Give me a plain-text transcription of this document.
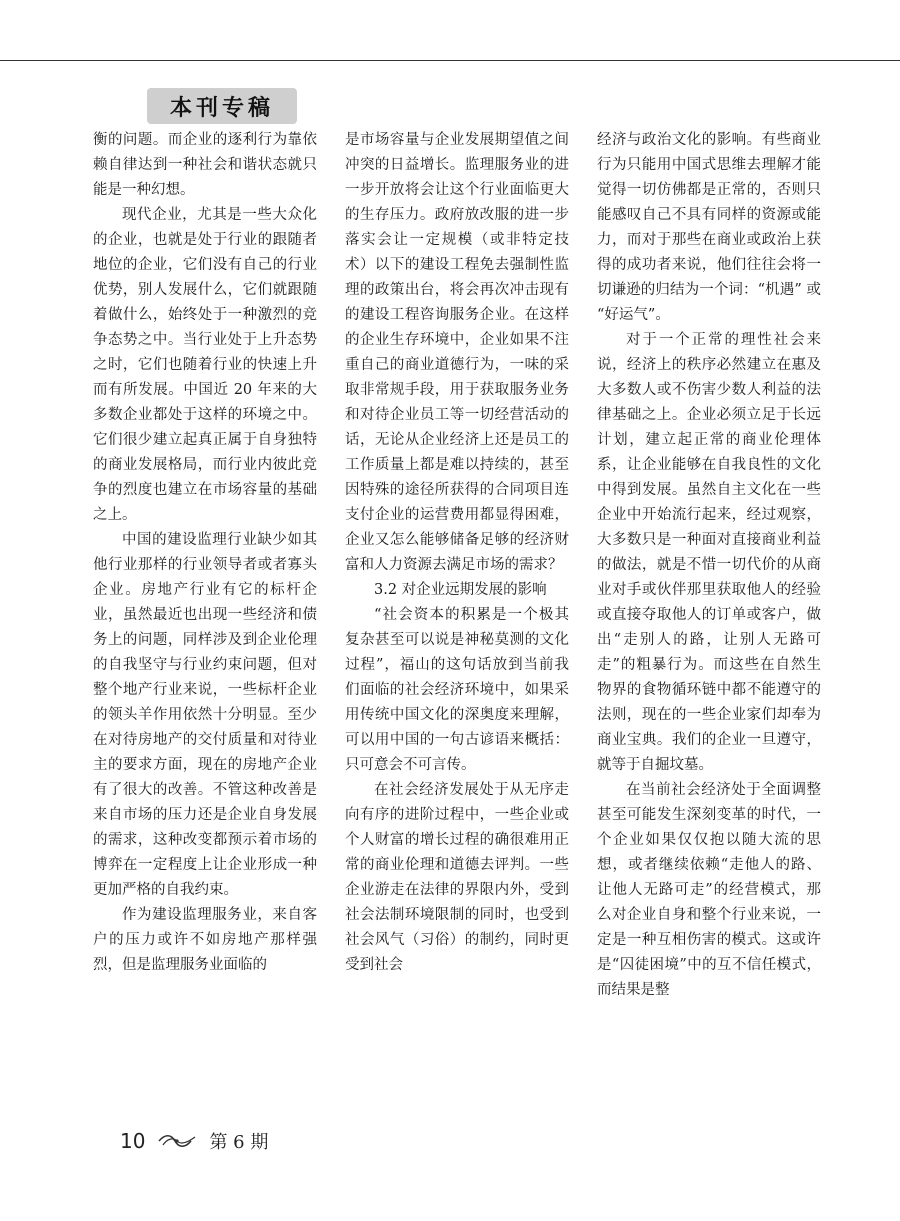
本刊专稿

衡的问题。而企业的逐利行为靠依赖自律达到一种社会和谐状态就只能是一种幻想。

现代企业，尤其是一些大众化的企业，也就是处于行业的跟随者地位的企业，它们没有自己的行业优势，别人发展什么，它们就跟随着做什么，始终处于一种激烈的竞争态势之中。当行业处于上升态势之时，它们也随着行业的快速上升而有所发展。中国近 20 年来的大多数企业都处于这样的环境之中。它们很少建立起真正属于自身独特的商业发展格局，而行业内彼此竞争的烈度也建立在市场容量的基础之上。

中国的建设监理行业缺少如其他行业那样的行业领导者或者寡头企业。房地产行业有它的标杆企业，虽然最近也出现一些经济和债务上的问题，同样涉及到企业伦理的自我坚守与行业约束问题，但对整个地产行业来说，一些标杆企业的领头羊作用依然十分明显。至少在对待房地产的交付质量和对待业主的要求方面，现在的房地产企业有了很大的改善。不管这种改善是来自市场的压力还是企业自身发展的需求，这种改变都预示着市场的博弈在一定程度上让企业形成一种更加严格的自我约束。

作为建设监理服务业，来自客户的压力或许不如房地产那样强烈，但是监理服务业面临的

是市场容量与企业发展期望值之间冲突的日益增长。监理服务业的进一步开放将会让这个行业面临更大的生存压力。政府放改服的进一步落实会让一定规模（或非特定技术）以下的建设工程免去强制性监理的政策出台，将会再次冲击现有的建设工程咨询服务企业。在这样的企业生存环境中，企业如果不注重自己的商业道德行为，一味的采取非常规手段，用于获取服务业务和对待企业员工等一切经营活动的话，无论从企业经济上还是员工的工作质量上都是难以持续的，甚至因特殊的途径所获得的合同项目连支付企业的运营费用都显得困难，企业又怎么能够储备足够的经济财富和人力资源去满足市场的需求？

3.2 对企业远期发展的影响

“社会资本的积累是一个极其复杂甚至可以说是神秘莫测的文化过程”，福山的这句话放到当前我们面临的社会经济环境中，如果采用传统中国文化的深奥度来理解，可以用中国的一句古谚语来概括：只可意会不可言传。

在社会经济发展处于从无序走向有序的进阶过程中，一些企业或个人财富的增长过程的确很难用正常的商业伦理和道德去评判。一些企业游走在法律的界限内外，受到社会法制环境限制的同时，也受到社会风气（习俗）的制约，同时更受到社会

经济与政治文化的影响。有些商业行为只能用中国式思维去理解才能觉得一切仿佛都是正常的，否则只能感叹自己不具有同样的资源或能力，而对于那些在商业或政治上获得的成功者来说，他们往往会将一切谦逊的归结为一个词：“机遇” 或 “好运气”。

对于一个正常的理性社会来说，经济上的秩序必然建立在惠及大多数人或不伤害少数人利益的法律基础之上。企业必须立足于长远计划，建立起正常的商业伦理体系，让企业能够在自我良性的文化中得到发展。虽然自主文化在一些企业中开始流行起来，经过观察，大多数只是一种面对直接商业利益的做法，就是不惜一切代价的从商业对手或伙伴那里获取他人的经验或直接夺取他人的订单或客户，做出“走别人的路，让别人无路可走”的粗暴行为。而这些在自然生物界的食物循环链中都不能遵守的法则，现在的一些企业家们却奉为商业宝典。我们的企业一旦遵守，就等于自掘坟墓。

在当前社会经济处于全面调整甚至可能发生深刻变革的时代，一个企业如果仅仅抱以随大流的思想，或者继续依赖“走他人的路、让他人无路可走”的经营模式，那么对企业自身和整个行业来说，一定是一种互相伤害的模式。这或许是“囚徒困境”中的互不信任模式，而结果是整

10	第 6 期
